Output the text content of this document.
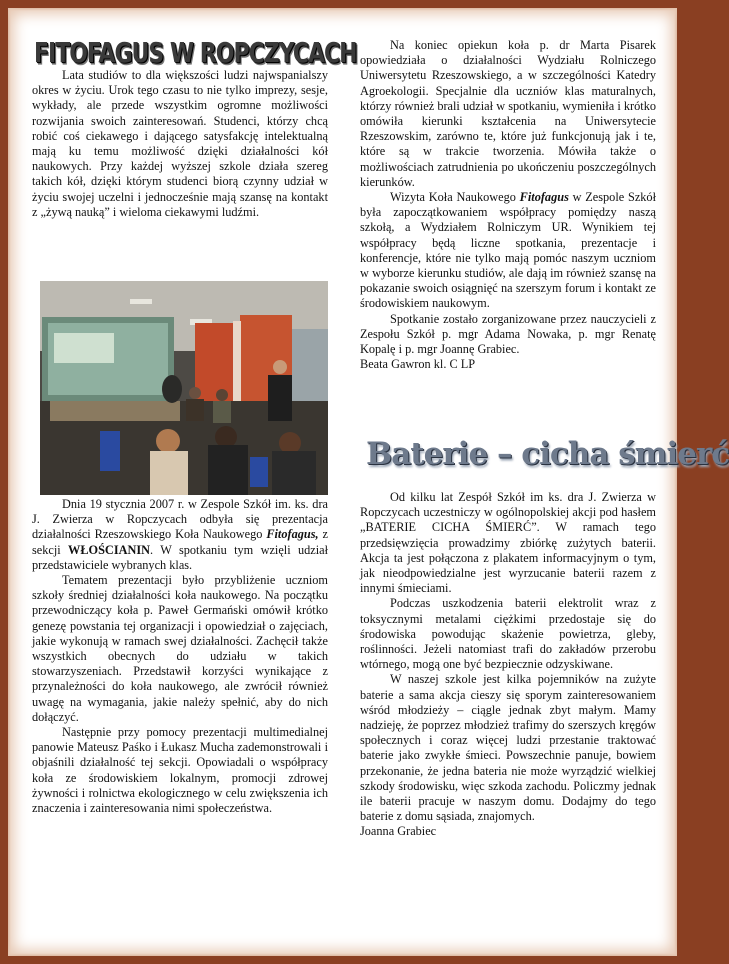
FITOFAGUS W ROPCZYCACH

Lata studiów to dla większości ludzi najwspanialszy okres w życiu. Urok tego czasu to nie tylko imprezy, sesje, wykłady, ale przede wszystkim ogromne możliwości rozwijania swoich zainteresowań. Studenci, którzy chcą robić coś ciekawego i dającego satysfakcję intelektualną mają ku temu możliwość dzięki działalności kół naukowych. Przy każdej wyższej szkole działa szereg takich kół, dzięki którym studenci biorą czynny udział w życiu swojej uczelni i jednocześnie mają szansę na kontakt z „żywą nauką” i wieloma ciekawymi ludźmi.

Dnia 19 stycznia 2007 r. w Zespole Szkół im. ks. dra J. Zwierza w Ropczycach odbyła się prezentacja działalności Rzeszowskiego Koła Naukowego Fitofagus, z sekcji WŁOŚCIANIN. W spotkaniu tym wzięli udział przedstawiciele wybranych klas.

Tematem prezentacji było przybliżenie uczniom szkoły średniej działalności koła naukowego. Na początku przewodniczący koła p. Paweł Germański omówił krótko genezę powstania tej organizacji i opowiedział o zajęciach, jakie wykonują w ramach swej działalności. Zachęcił także wszystkich obecnych do udziału w takich stowarzyszeniach. Przedstawił korzyści wynikające z przynależności do koła naukowego, ale zwrócił również uwagę na wymagania, jakie należy spełnić, aby do nich dołączyć.

Następnie przy pomocy prezentacji multimedialnej panowie Mateusz Paśko i Łukasz Mucha zademonstrowali i objaśnili działalność tej sekcji. Opowiadali o współpracy koła ze środowiskiem lokalnym, promocji zdrowej żywności i rolnictwa ekologicznego w celu zwiększenia ich znaczenia i zainteresowania nimi społeczeństwa.

Na koniec opiekun koła p. dr Marta Pisarek opowiedziała o działalności Wydziału Rolniczego Uniwersytetu Rzeszowskiego, a w szczególności Katedry Agroekologii. Specjalnie dla uczniów klas maturalnych, którzy również brali udział w spotkaniu, wymieniła i krótko omówiła kierunki kształcenia na Uniwersytecie Rzeszowskim, zarówno te, które już funkcjonują jak i te, które są w trakcie tworzenia. Mówiła także o możliwościach zatrudnienia po ukończeniu poszczególnych kierunków.

Wizyta Koła Naukowego Fitofagus w Zespole Szkół była zapoczątkowaniem współpracy pomiędzy naszą szkołą, a Wydziałem Rolniczym UR. Wynikiem tej współpracy będą liczne spotkania, prezentacje i konferencje, które nie tylko mają pomóc naszym uczniom w wyborze kierunku studiów, ale dają im również szansę na pokazanie swoich osiągnięć na szerszym forum i kontakt ze środowiskiem naukowym.

Spotkanie zostało zorganizowane przez nauczycieli z Zespołu Szkół p. mgr Adama Nowaka, p. mgr Renatę Kopalę i p. mgr Joannę Grabiec.

Beata Gawron kl. C LP

Baterie – cicha śmierć

Od kilku lat Zespół Szkół im ks. dra J. Zwierza w Ropczycach uczestniczy w ogólnopolskiej akcji pod hasłem „BATERIE CICHA ŚMIERĆ”. W ramach tego przedsięwzięcia prowadzimy zbiórkę zużytych baterii. Akcja ta jest połączona z plakatem informacyjnym o tym, jak nieodpowiedzialne jest wyrzucanie baterii razem z innymi śmieciami.

Podczas uszkodzenia baterii elektrolit wraz z toksycznymi metalami ciężkimi przedostaje się do środowiska powodując skażenie powietrza, gleby, roślinności. Jeżeli natomiast trafi do zakładów przerobu wtórnego, mogą one być bezpiecznie odzyskiwane.

W naszej szkole jest kilka pojemników na zużyte baterie a sama akcja cieszy się sporym zainteresowaniem wśród młodzieży – ciągle jednak zbyt małym. Mamy nadzieję, że poprzez młodzież trafimy do szerszych kręgów społecznych i coraz więcej ludzi przestanie traktować baterie jako zwykłe śmieci. Powszechnie panuje, bowiem przekonanie, że jedna bateria nie może wyrządzić wielkiej szkody środowisku, więc szkoda zachodu. Policzmy jednak ile baterii pracuje w naszym domu. Dodajmy do tego baterie z domu sąsiada, znajomych.

Joanna Grabiec
